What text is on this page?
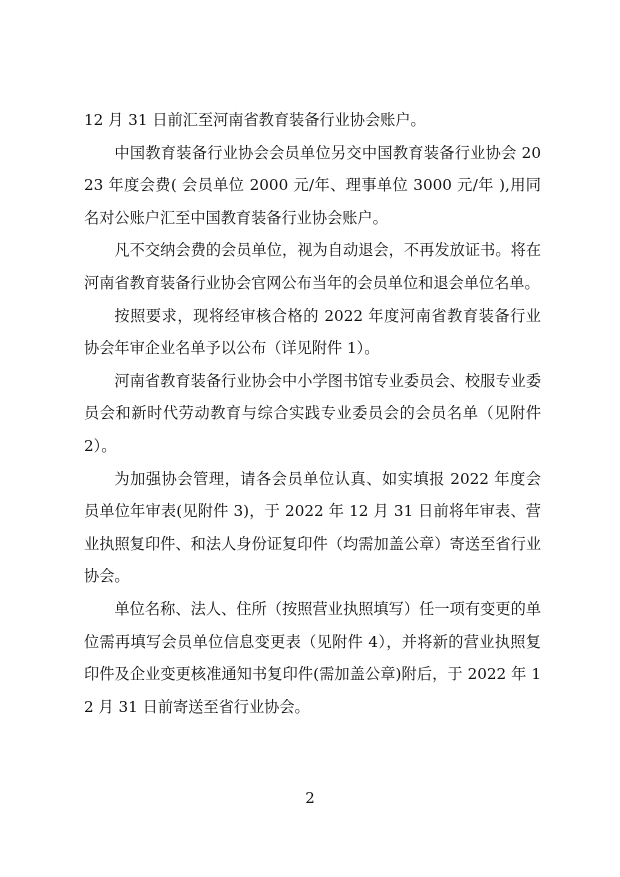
12 月 31 日前汇至河南省教育装备行业协会账户。

中国教育装备行业协会会员单位另交中国教育装备行业协会 2023 年度会费( 会员单位 2000 元/年、理事单位 3000 元/年 ),用同名对公账户汇至中国教育装备行业协会账户。

凡不交纳会费的会员单位，视为自动退会，不再发放证书。将在河南省教育装备行业协会官网公布当年的会员单位和退会单位名单。

按照要求，现将经审核合格的 2022 年度河南省教育装备行业协会年审企业名单予以公布（详见附件 1）。

河南省教育装备行业协会中小学图书馆专业委员会、校服专业委员会和新时代劳动教育与综合实践专业委员会的会员名单（见附件 2）。

为加强协会管理，请各会员单位认真、如实填报 2022 年度会员单位年审表(见附件 3)，于 2022 年 12 月 31 日前将年审表、营业执照复印件、和法人身份证复印件（均需加盖公章）寄送至省行业协会。

单位名称、法人、住所（按照营业执照填写）任一项有变更的单位需再填写会员单位信息变更表（见附件 4），并将新的营业执照复印件及企业变更核准通知书复印件(需加盖公章)附后，于 2022 年 12 月 31 日前寄送至省行业协会。

2
